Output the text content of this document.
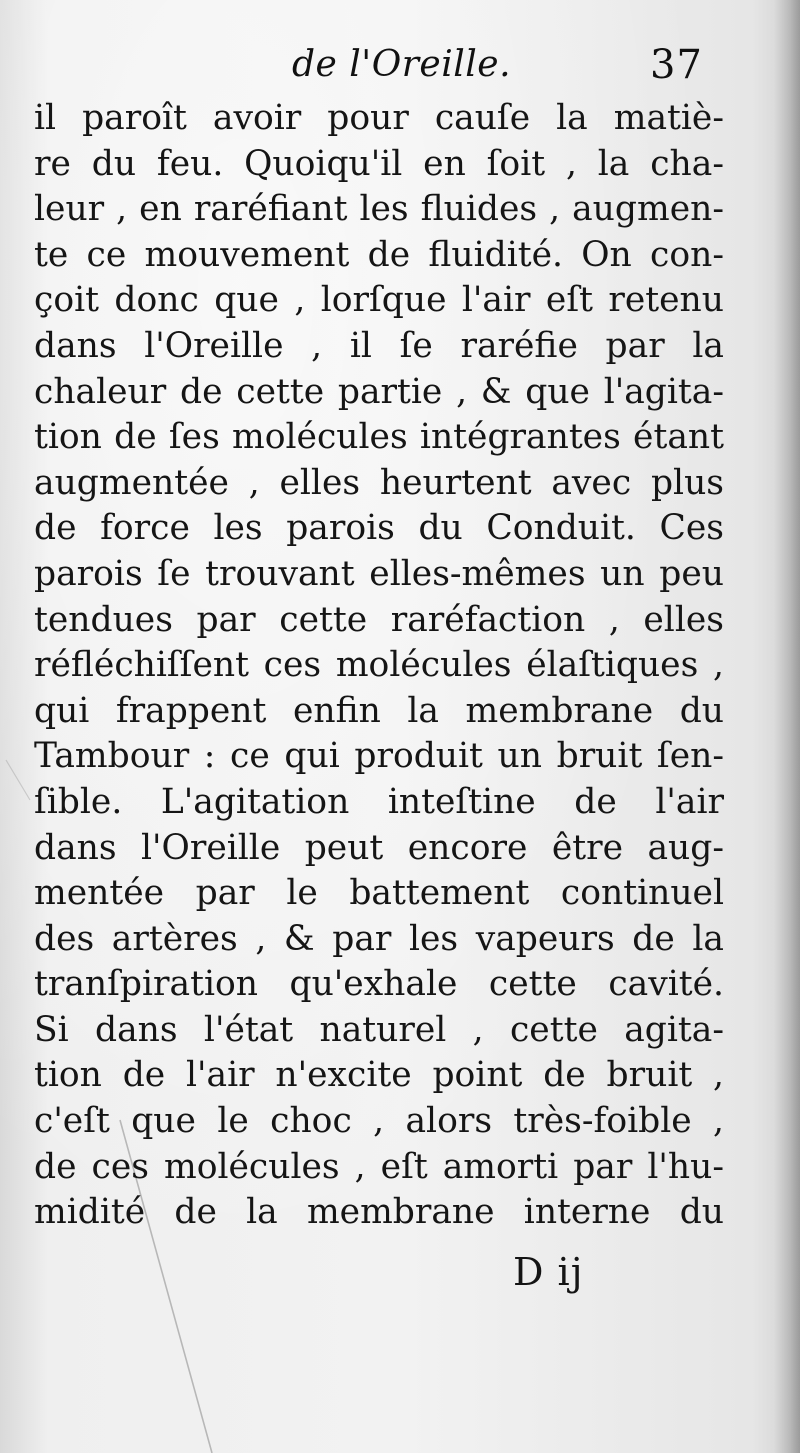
de l'Oreille.	37
il paroît avoir pour cauſe la matiè-
re du feu. Quoiqu'il en ſoit , la cha-
leur , en raréfiant les fluides , augmen-
te ce mouvement de fluidité. On con-
çoit donc que , lorſque l'air eſt retenu
dans l'Oreille , il ſe raréfie par la
chaleur de cette partie , & que l'agita-
tion de ſes molécules intégrantes étant
augmentée , elles heurtent avec plus
de force les parois du Conduit. Ces
parois ſe trouvant elles-mêmes un peu
tendues par cette raréfaction , elles
réfléchiſſent ces molécules élaſtiques ,
qui frappent enfin la membrane du
Tambour : ce qui produit un bruit ſen-
ſible. L'agitation inteſtine de l'air
dans l'Oreille peut encore être aug-
mentée par le battement continuel
des artères , & par les vapeurs de la
tranſpiration qu'exhale cette cavité.
Si dans l'état naturel , cette agita-
tion de l'air n'excite point de bruit ,
c'eſt que le choc , alors très-foible ,
de ces molécules , eſt amorti par l'hu-
midité de la membrane interne du
D ij
